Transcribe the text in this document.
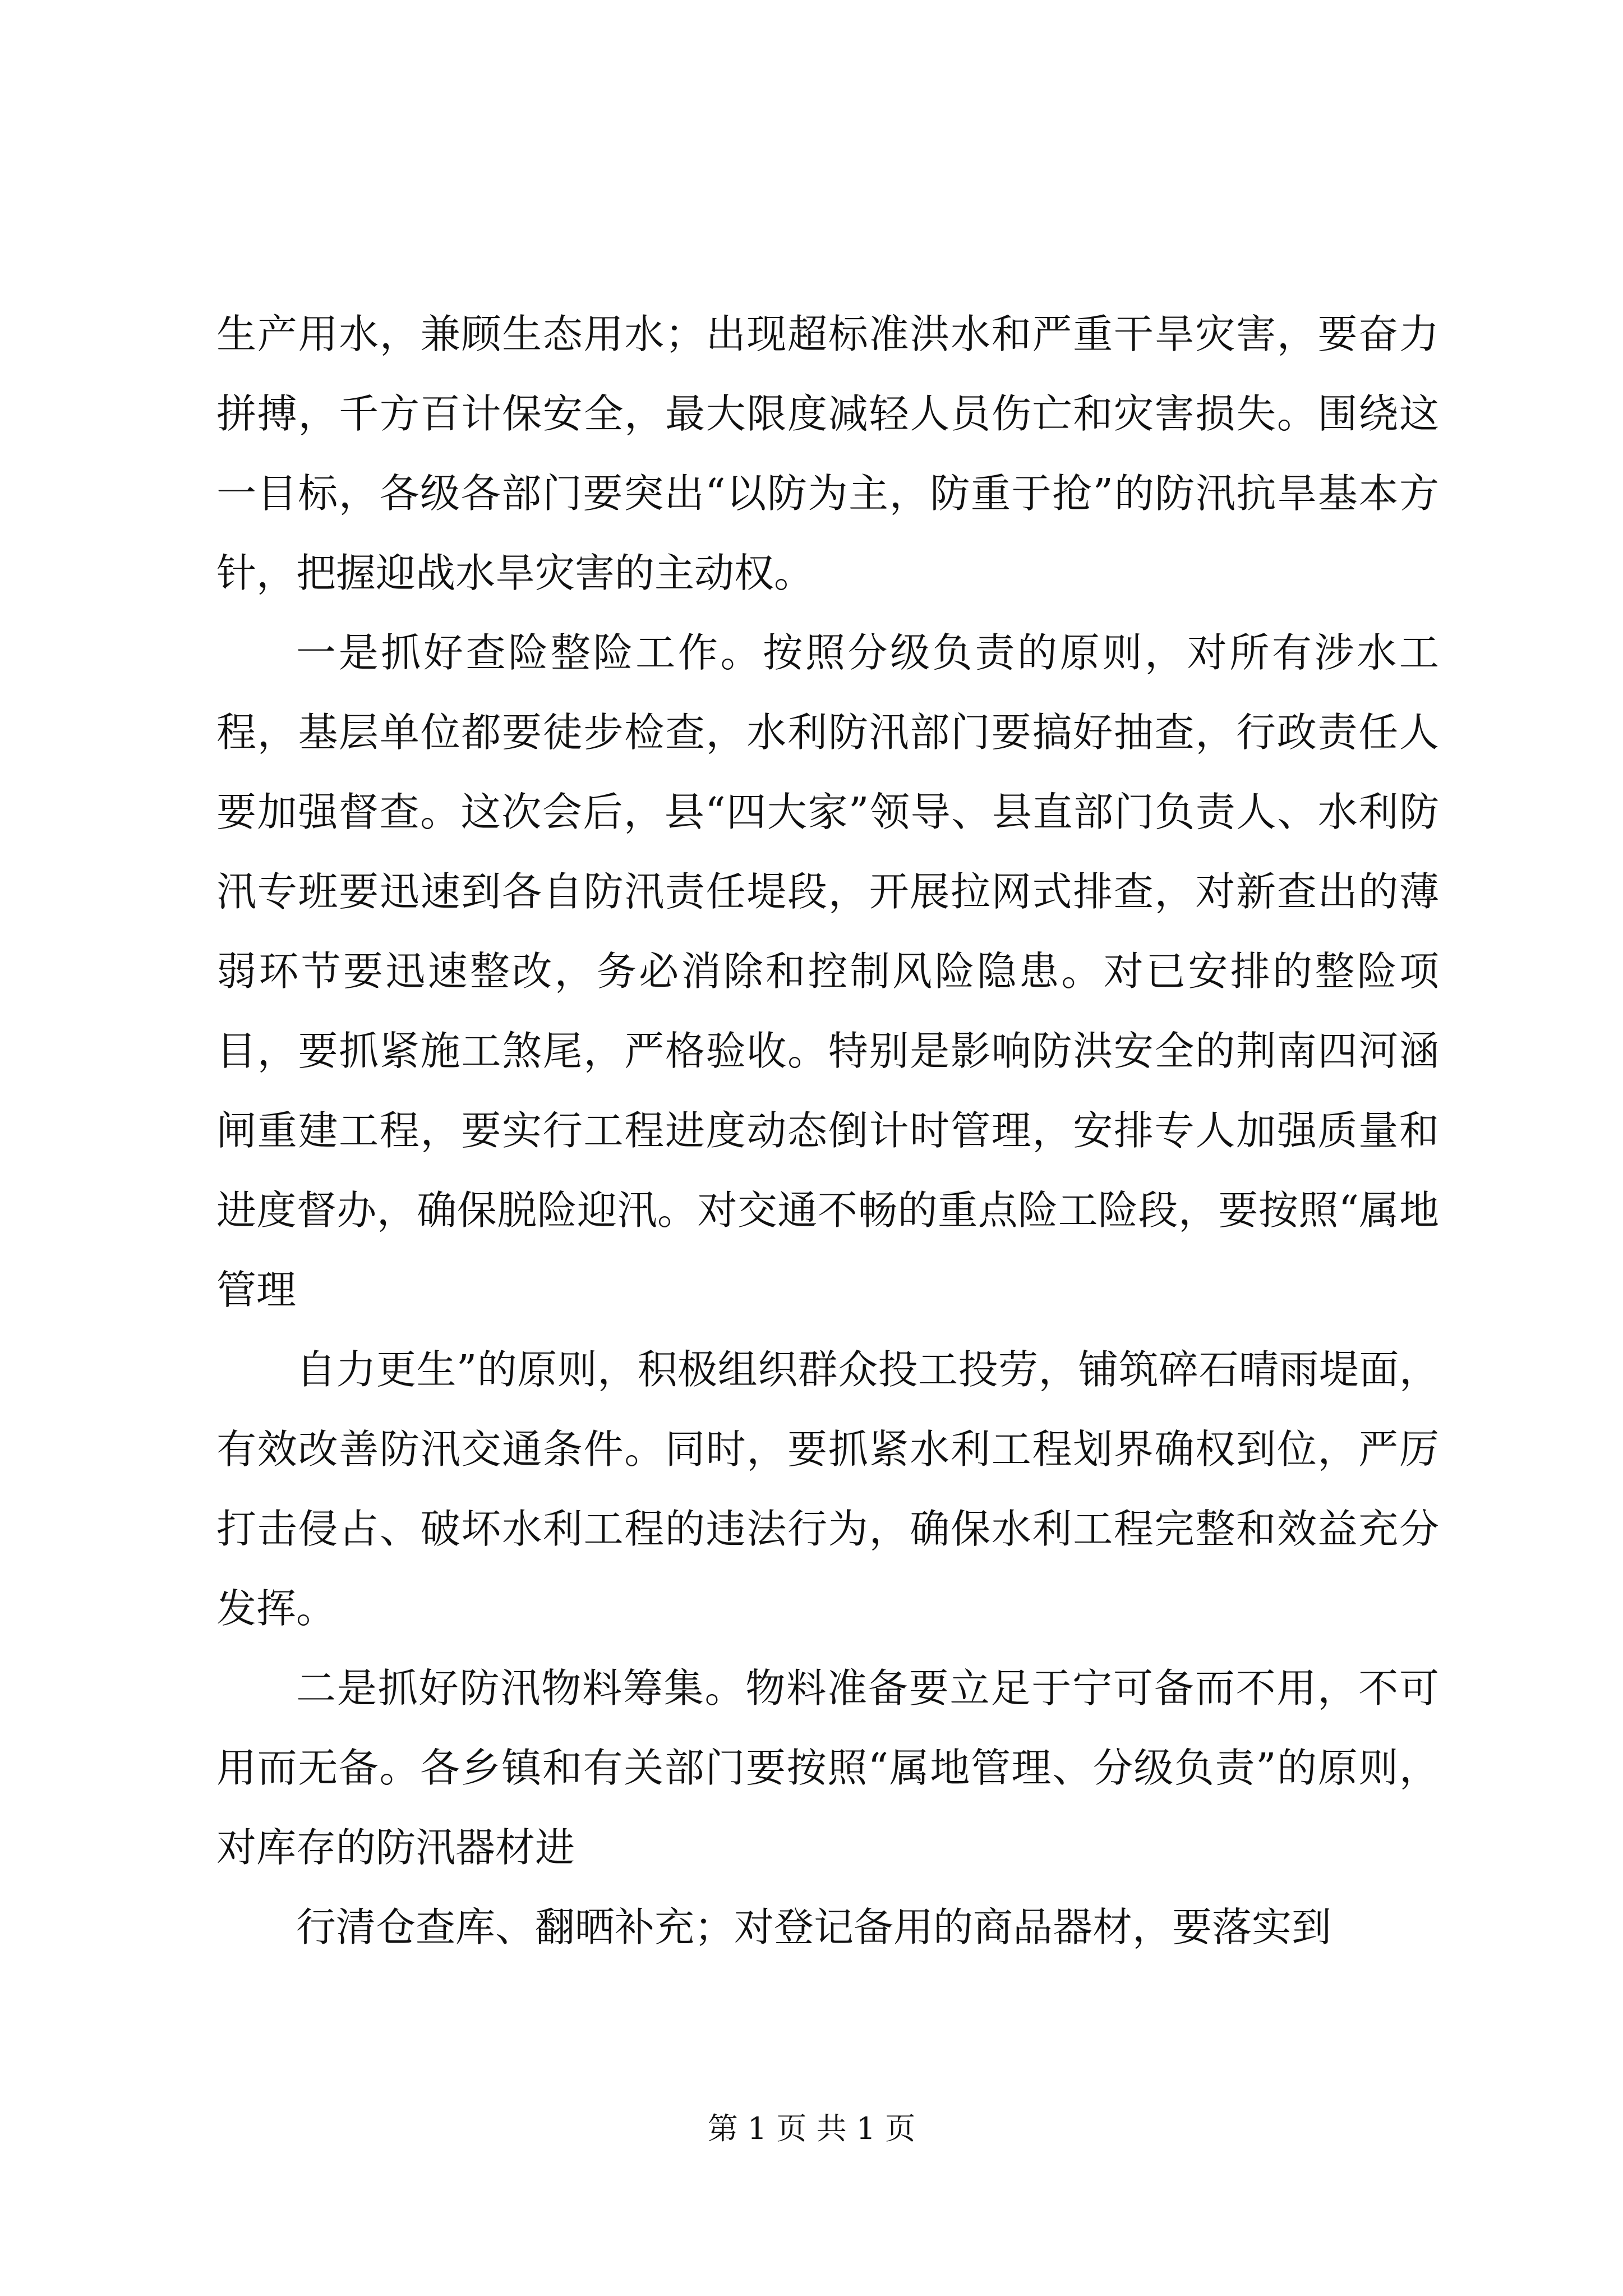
生产用水，兼顾生态用水；出现超标准洪水和严重干旱灾害，要奋力拼搏，千方百计保安全，最大限度减轻人员伤亡和灾害损失。围绕这一目标，各级各部门要突出“以防为主，防重于抢”的防汛抗旱基本方针，把握迎战水旱灾害的主动权。

一是抓好查险整险工作。按照分级负责的原则，对所有涉水工程，基层单位都要徒步检查，水利防汛部门要搞好抽查，行政责任人要加强督查。这次会后，县“四大家”领导、县直部门负责人、水利防汛专班要迅速到各自防汛责任堤段，开展拉网式排查，对新查出的薄弱环节要迅速整改，务必消除和控制风险隐患。对已安排的整险项目，要抓紧施工煞尾，严格验收。特别是影响防洪安全的荆南四河涵闸重建工程，要实行工程进度动态倒计时管理，安排专人加强质量和进度督办，确保脱险迎汛。对交通不畅的重点险工险段，要按照“属地管理

自力更生”的原则，积极组织群众投工投劳，铺筑碎石晴雨堤面，有效改善防汛交通条件。同时，要抓紧水利工程划界确权到位，严厉打击侵占、破坏水利工程的违法行为，确保水利工程完整和效益充分发挥。

二是抓好防汛物料筹集。物料准备要立足于宁可备而不用，不可用而无备。各乡镇和有关部门要按照“属地管理、分级负责”的原则，对库存的防汛器材进

行清仓查库、翻晒补充；对登记备用的商品器材，要落实到

第 1 页 共 1 页
